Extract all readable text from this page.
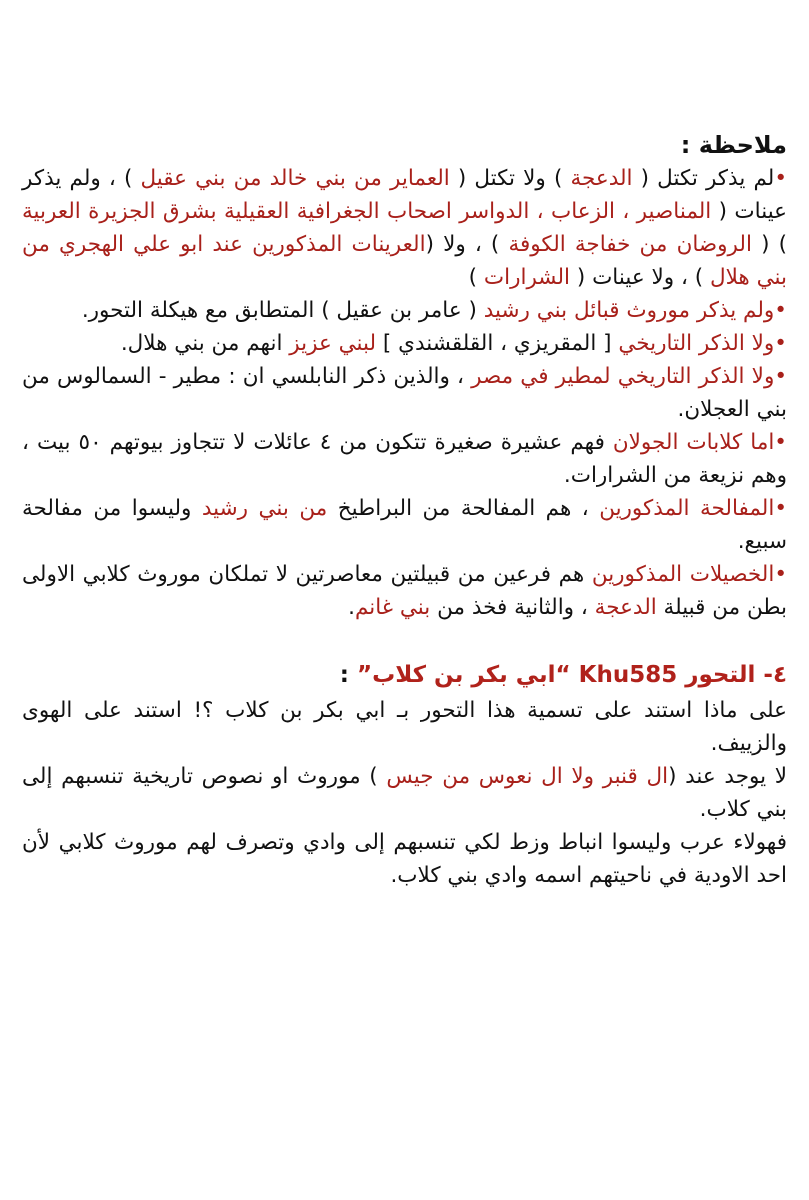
ملاحظة :

•لم يذكر تكتل ( الدعجة ) ولا تكتل ( العماير من بني خالد من بني عقيل ) ، ولم يذكر عينات ( المناصير ، الزعاب ، الدواسر اصحاب الجغرافية العقيلية بشرق الجزيرة العربية ) ( الروضان من خفاجة الكوفة ) ، ولا (العرينات المذكورين عند ابو علي الهجري من بني هلال ) ، ولا عينات ( الشرارات )

•ولم يذكر موروث قبائل بني رشيد ( عامر بن عقيل ) المتطابق مع هيكلة التحور.

•ولا الذكر التاريخي [ المقريزي ، القلقشندي ] لبني عزيز انهم من بني هلال.

•ولا الذكر التاريخي لمطير في مصر ، والذين ذكر النابلسي ان : مطير - السمالوس من بني العجلان.

•اما كلابات الجولان فهم عشيرة صغيرة تتكون من ٤ عائلات لا تتجاوز بيوتهم ٥٠ بيت ، وهم نزيعة من الشرارات.

•المفالحة المذكورين ، هم المفالحة من البراطيخ من بني رشيد وليسوا من مفالحة سبيع.

•الخصيلات المذكورين هم فرعين من قبيلتين معاصرتين لا تملكان موروث كلابي الاولى بطن من قبيلة الدعجة ، والثانية فخذ من بني غانم.

٤- التحور Khu585 “ابي بكر بن كلاب” :

على ماذا استند على تسمية هذا التحور بـ ابي بكر بن كلاب ؟! استند على الهوى والزييف.

لا يوجد عند (ال قنبر ولا ال نعوس من جيس ) موروث او نصوص تاريخية تنسبهم إلى بني كلاب.

فهولاء عرب وليسوا انباط وزط لكي تنسبهم إلى وادي وتصرف لهم موروث كلابي لأن احد الاودية في ناحيتهم اسمه وادي بني كلاب.
